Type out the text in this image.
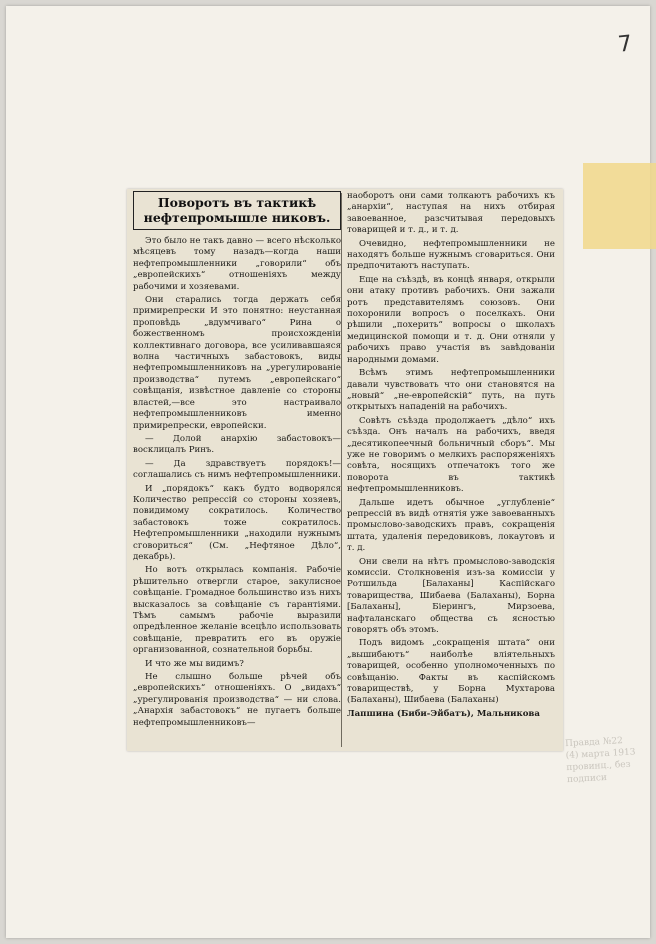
7
Поворотъ въ тактикѣ нефтепромышле никовъ.

Это было не такъ давно — всего нѣсколько мѣсяцевъ тому назадъ—когда наши нефтепромышленники „говорили“ объ „европейскихъ“ отношеніяхъ между рабочими и хозяевами.

Они старались тогда держать себя примирепрески И это понятно: неустанная проповѣдь „вдумчиваго“ Рина о божественномъ происхожденіи коллективнаго договора, все усиливавшаяся волна частичныхъ забастовокъ, виды нефтепромышленниковъ на „урегулированіе производства“ путемъ „европейскаго“ совѣщанія, извѣстное давленіе со стороны властей,—все это настраивало нефтепромышленниковъ именно примирепрески, европейски.

— Долой анархію забастовокъ—восклицалъ Ринъ.

— Да здравствуетъ порядокъ!— соглашались съ нимъ нефтепромышленники.

И „порядокъ“ какъ будто водворялся Количество репрессій со стороны хозяевъ, повидимому сократилось. Количество забастовокъ тоже сократилось. Нефтепромышленники „находили нужнымъ сговориться“ (См. „Нефтяное Дѣло“, декабрь).

Но вотъ открылась компанія. Рабочіе рѣшительно отвергли старое, закулисное совѣщаніе. Громадное большинство изъ нихъ высказалось за совѣщаніе съ гарантіями. Тѣмъ самымъ рабочіе выразили опредѣленное желаніе всецѣло использовать совѣщаніе, превратить его въ оружіе организованной, сознательной борьбы.

И что же мы видимъ?

Не слышно больше рѣчей объ „европейскихъ“ отношеніяхъ. О „видахъ“ „урегулированія производства“ — ни слова. „Анархія забастовокъ“ не пугаетъ больше нефтепромышленниковъ—

наоборотъ они сами толкаютъ рабочихъ къ „анархіи“, наступая на нихъ отбирая завоеванное, разсчитывая передовыхъ товарищей и т. д., и т. д.

Очевидно, нефтепромышленники не находятъ больше нужнымъ сговариться. Они предпочитаютъ наступать.

Еще на съѣздѣ, въ концѣ января, открыли они атаку противъ рабочихъ. Они зажали ротъ представителямъ союзовъ. Они похоронили вопросъ о поселкахъ. Они рѣшили „похерить“ вопросы о школахъ медицинской помощи и т. д. Они отняли у рабочихъ право участія въ завѣдованіи народными домами.

Всѣмъ этимъ нефтепромышленники давали чувствовать что они становятся на „новый“ „не-европейскій“ путь, на путь открытыхъ нападеній на рабочихъ.

Совѣтъ съѣзда продолжаетъ „дѣло“ ихъ съѣзда. Онъ началъ на рабочихъ, введя „десятикопеечный больничный сборъ“. Мы уже не говоримъ о мелкихъ распоряженіяхъ совѣта, носящихъ отпечатокъ того же поворота въ тактикѣ нефтепромышленниковъ.

Дальше идетъ обычное „углубленіе“ репрессій въ видѣ отнятія уже завоеванныхъ промыслово-заводскихъ правъ, сокращенія штата, удаленія передовиковъ, локаутовъ и т. д.

Они свели на нѣтъ промыслово-заводскія комиссіи. Столкновенія изъ-за комиссіи у Ротшильда [Балаханы] Каспійскаго товарищества, Шибаева (Балаханы), Борна [Балаханы], Біерингъ, Мирзоева, нафталанскаго общества съ ясностью говорятъ объ этомъ.

Подъ видомъ „сокращенія штата“ они „вышибаютъ“ наиболѣе вліятельныхъ товарищей, особенно уполномоченныхъ по совѣщанію. Факты въ каспійскомъ товариществѣ, у Борна Мухтарова (Балаханы), Шибаева (Балаханы)

Лапшина (Биби-Эйбатъ), Мальникова

Правда №22
(4) марта 1913
провинц., без подписи
